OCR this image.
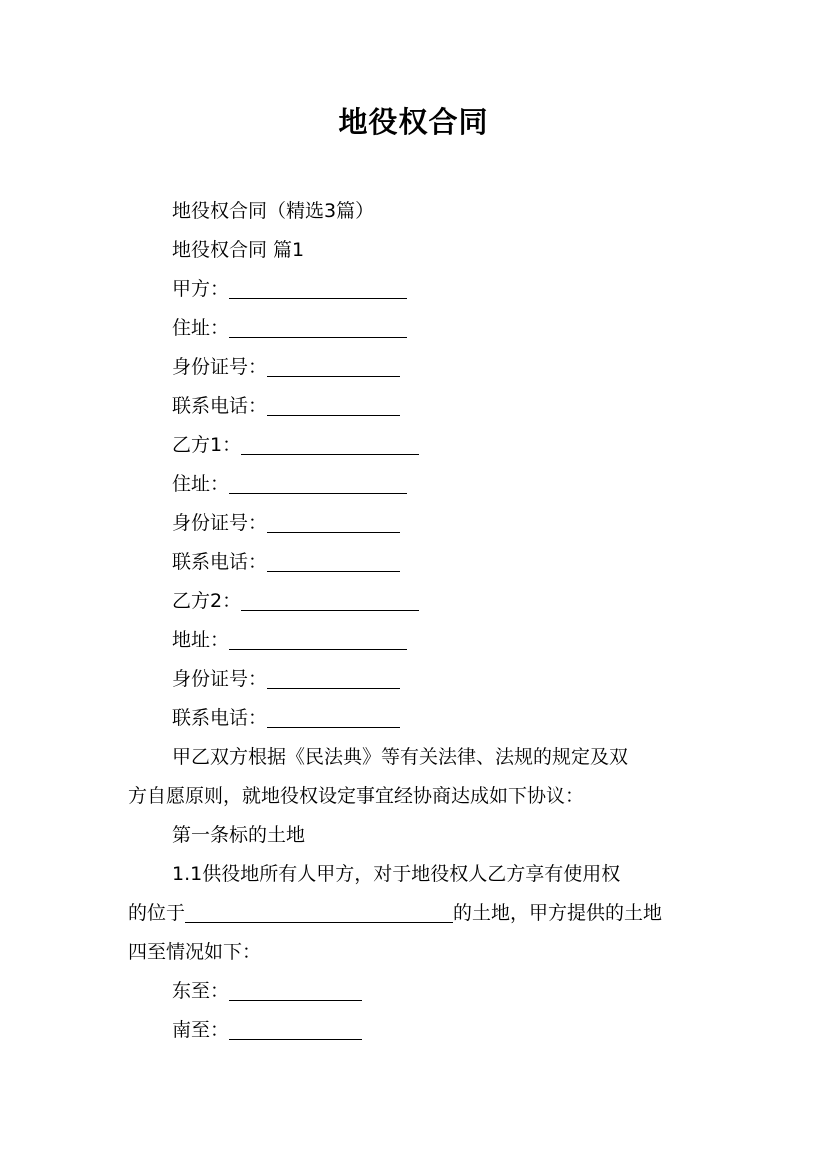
地役权合同

地役权合同（精选3篇）

地役权合同 篇1

甲方：

住址：

身份证号：

联系电话：

乙方1：

住址：

身份证号：

联系电话：

乙方2：

地址：

身份证号：

联系电话：

甲乙双方根据《民法典》等有关法律、法规的规定及双

方自愿原则，就地役权设定事宜经协商达成如下协议：

第一条标的土地

1.1供役地所有人甲方，对于地役权人乙方享有使用权

的位于	的土地，甲方提供的土地

四至情况如下：

东至：

南至：
